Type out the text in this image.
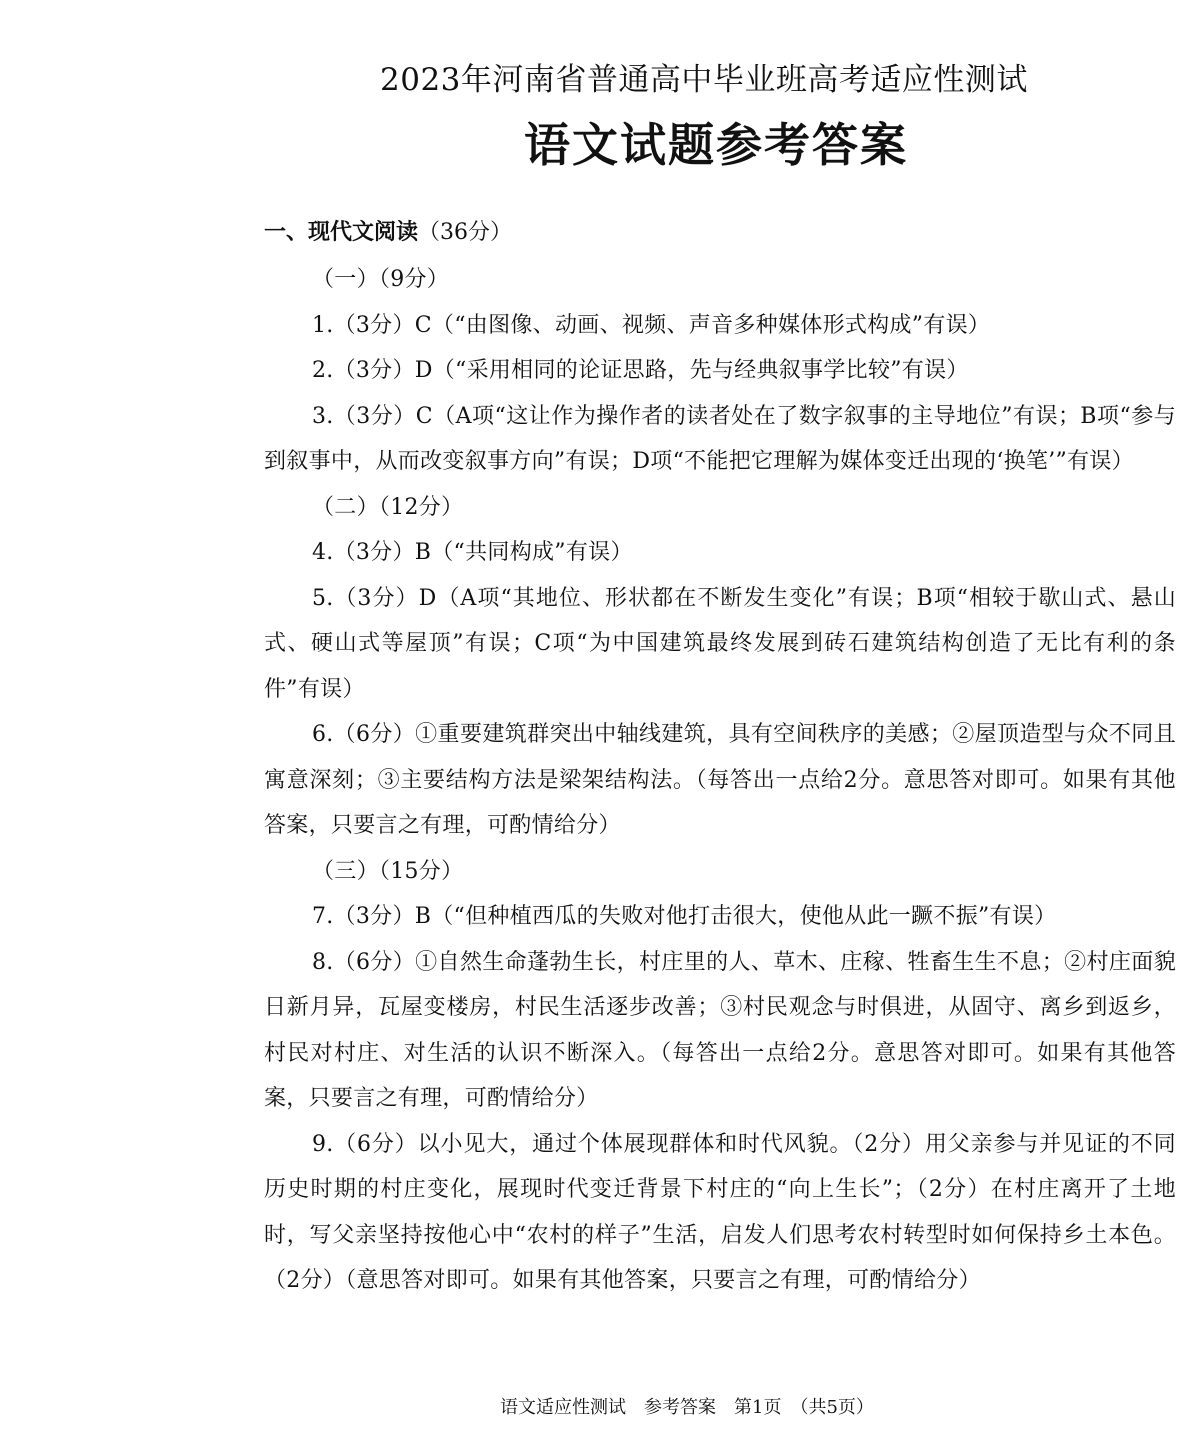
2023年河南省普通高中毕业班高考适应性测试
语文试题参考答案
一、现代文阅读（36分）

（一）（9分）

1.（3分）C（“由图像、动画、视频、声音多种媒体形式构成”有误）

2.（3分）D（“采用相同的论证思路，先与经典叙事学比较”有误）

3.（3分）C（A项“这让作为操作者的读者处在了数字叙事的主导地位”有误；B项“参与到叙事中，从而改变叙事方向”有误；D项“不能把它理解为媒体变迁出现的‘换笔’”有误）

（二）（12分）

4.（3分）B（“共同构成”有误）

5.（3分）D（A项“其地位、形状都在不断发生变化”有误；B项“相较于歇山式、悬山式、硬山式等屋顶”有误；C项“为中国建筑最终发展到砖石建筑结构创造了无比有利的条件”有误）

6.（6分）①重要建筑群突出中轴线建筑，具有空间秩序的美感；②屋顶造型与众不同且寓意深刻；③主要结构方法是梁架结构法。（每答出一点给2分。意思答对即可。如果有其他答案，只要言之有理，可酌情给分）

（三）（15分）

7.（3分）B（“但种植西瓜的失败对他打击很大，使他从此一蹶不振”有误）

8.（6分）①自然生命蓬勃生长，村庄里的人、草木、庄稼、牲畜生生不息；②村庄面貌日新月异，瓦屋变楼房，村民生活逐步改善；③村民观念与时俱进，从固守、离乡到返乡，村民对村庄、对生活的认识不断深入。（每答出一点给2分。意思答对即可。如果有其他答案，只要言之有理，可酌情给分）

9.（6分）以小见大，通过个体展现群体和时代风貌。（2分）用父亲参与并见证的不同历史时期的村庄变化，展现时代变迁背景下村庄的“向上生长”；（2分）在村庄离开了土地时，写父亲坚持按他心中“农村的样子”生活，启发人们思考农村转型时如何保持乡土本色。（2分）（意思答对即可。如果有其他答案，只要言之有理，可酌情给分）

语文适应性测试　参考答案　第1页　（共5页）
